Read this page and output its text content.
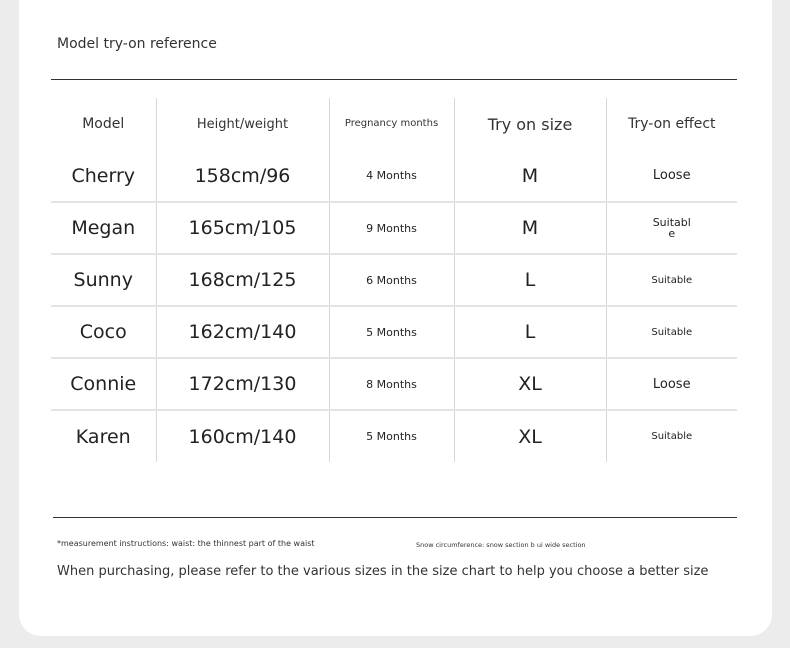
Model try-on reference
Model	Height/weight	Pregnancy months	Try on size	Try-on effect
Cherry	158cm/96	4 Months	M	Loose
Megan	165cm/105	9 Months	M	Suitable
Sunny	168cm/125	6 Months	L	Suitable
Coco	162cm/140	5 Months	L	Suitable
Connie	172cm/130	8 Months	XL	Loose
Karen	160cm/140	5 Months	XL	Suitable
*measurement instructions: waist: the thinnest part of the waist	Snow circumference: snow section b ui wide section
When purchasing, please refer to the various sizes in the size chart to help you choose a better size
